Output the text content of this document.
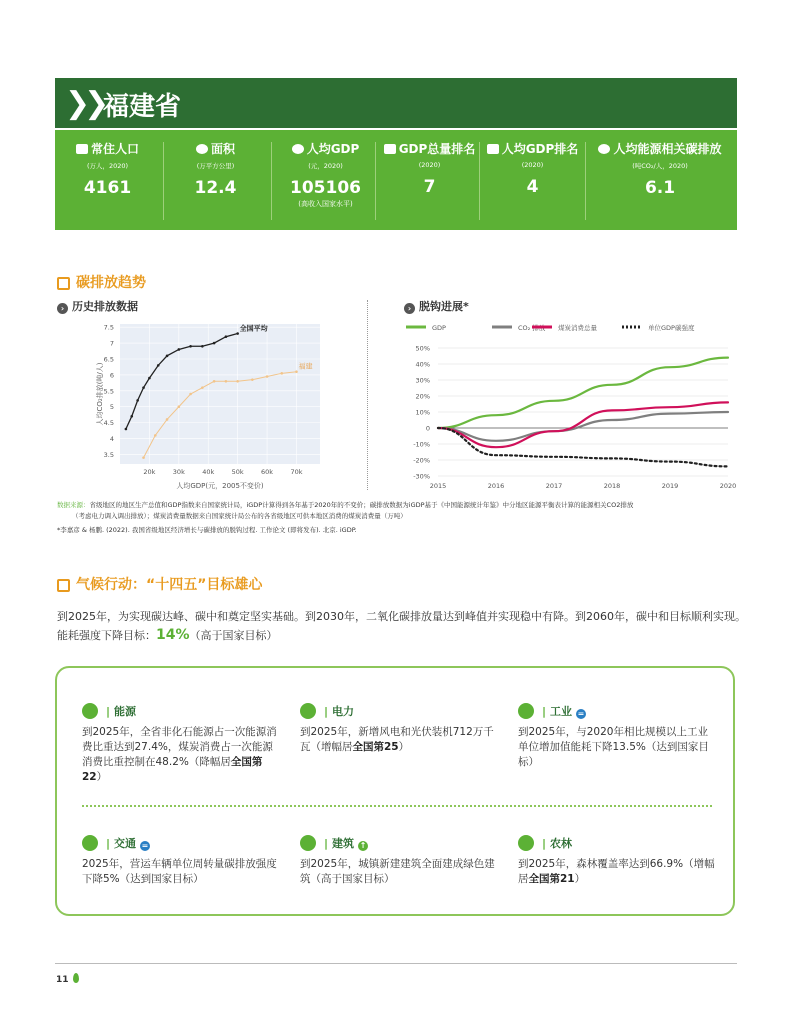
❯❯ 福建省
常住人口
(万人，2020)
4161
面积
(万平方公里)
12.4
人均GDP
(元，2020)
105106
(高收入国家水平)
GDP总量排名
(2020)
7
人均GDP排名
(2020)
4
人均能源相关碳排放
(吨CO₂/人，2020)
6.1
碳排放趋势
› 历史排放数据	› 脱钩进展*
3.5
4
4.5
5
5.5
6
6.5
7
7.5
20k	30k	40k	50k	60k	70k
人均GDP(元，2005不变价)
人均CO₂排放(吨/人)
全国平均
福建
GDP	CO₂ 排放 煤炭消费总量	单位GDP碳强度
50%
40%
30%
20%
10%
0
-10%
-20%
-30%
2015	2016	2017	2018	2019	2020
数据来源：省级地区的地区生产总值和GDP指数来自国家统计局，iGDP计算得到各年基于2020年的不变价；碳排放数据为iGDP基于《中国能源统计年鉴》中分地区能源平衡表计算的能源相关CO2排放
（考虑电力调入调出排放）；煤炭消费量数据来自国家统计局公布的各省级地区可供本地区消费的煤炭消费量（万吨）
*李嘉彦 & 杨鹏. (2022). 我国省级地区经济增长与碳排放的脱钩过程. 工作论文 (即将发布). 北京. iGDP.
气候行动：“十四五”目标雄心
到2025年，为实现碳达峰、碳中和奠定坚实基础。到2030年，二氧化碳排放量达到峰值并实现稳中有降。到2060年，碳中和目标顺利实现。
能耗强度下降目标：14%（高于国家目标）
| 能源
到2025年，全省非化石能源占一次能源消费比重达到27.4%，煤炭消费占一次能源消费比重控制在48.2%（降幅居全国第22）
| 电力
到2025年，新增风电和光伏装机712万千瓦（增幅居全国第25）
| 工业 =
到2025年，与2020年相比规模以上工业单位增加值能耗下降13.5%（达到国家目标）
| 交通 =
2025年，营运车辆单位周转量碳排放强度下降5%（达到国家目标）
| 建筑 ↑
到2025年，城镇新建建筑全面建成绿色建筑（高于国家目标）
| 农林
到2025年，森林覆盖率达到66.9%（增幅居全国第21）
11
